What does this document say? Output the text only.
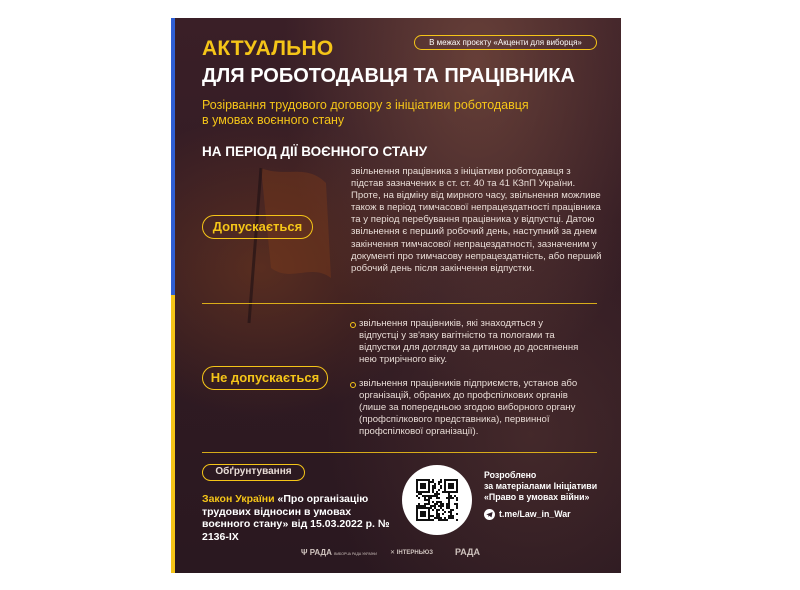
В межах проєкту «Акценти для виборця»
АКТУАЛЬНО
ДЛЯ РОБОТОДАВЦЯ ТА ПРАЦІВНИКА
Розірвання трудового договору з ініціативи роботодавця
в умовах воєнного стану
НА ПЕРІОД ДІЇ ВОЄННОГО СТАНУ
Допускається
звільнення працівника з ініціативи роботодавця з підстав зазначених в ст. ст. 40 та 41 КЗпП України. Проте, на відміну від мирного часу, звільнення можливе також в період тимчасової непрацездатності працівника та у період перебування працівника у відпустці. Датою звільнення є перший робочий день, наступний за днем закінчення тимчасової непрацездатності, зазначеним у документі про тимчасову непрацездатність, або перший робочий день після закінчення відпустки.
Не допускається
звільнення працівників, які знаходяться у відпустці у зв'язку вагітністю та пологами та відпустки для догляду за дитиною до досягнення нею трирічного віку.
звільнення працівників підприємств, установ або організацій, обраних до профспілкових органів (лише за попередньою згодою виборного органу (профспілкового представника), первинної профспілкової організації).
Обґрунтування
Закон України «Про організацію трудових відносин в умовах воєнного стану» від 15.03.2022 р. № 2136-IX
Розроблено
за матеріалами Ініціативи
«Право в умовах війни»
t.me/Law_in_War
Ψ РАДА ВИБОРЧА РАДА УКРАЇНИ ✕ ІНТЕРНЬЮЗ РАДА
